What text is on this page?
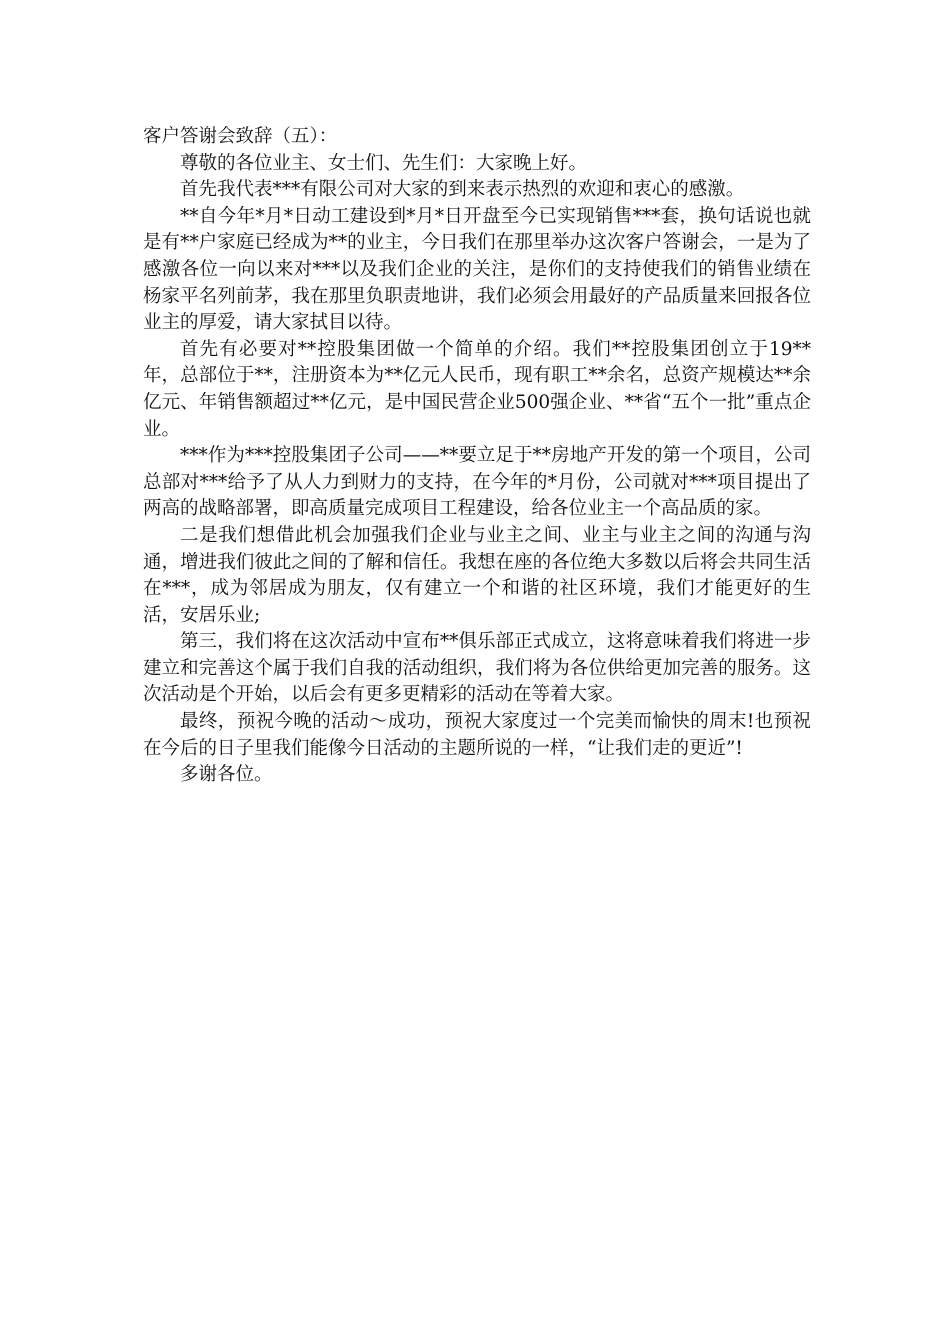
客户答谢会致辞（五）：

尊敬的各位业主、女士们、先生们：大家晚上好。

首先我代表***有限公司对大家的到来表示热烈的欢迎和衷心的感激。

**自今年*月*日动工建设到*月*日开盘至今已实现销售***套，换句话说也就是有**户家庭已经成为**的业主，今日我们在那里举办这次客户答谢会，一是为了感激各位一向以来对***以及我们企业的关注，是你们的支持使我们的销售业绩在杨家平名列前茅，我在那里负职责地讲，我们必须会用最好的产品质量来回报各位业主的厚爱，请大家拭目以待。

首先有必要对**控股集团做一个简单的介绍。我们**控股集团创立于19**年，总部位于**，注册资本为**亿元人民币，现有职工**余名，总资产规模达**余亿元、年销售额超过**亿元，是中国民营企业500强企业、**省“五个一批”重点企业。

***作为***控股集团子公司——**要立足于**房地产开发的第一个项目，公司总部对***给予了从人力到财力的支持，在今年的*月份，公司就对***项目提出了两高的战略部署，即高质量完成项目工程建设，给各位业主一个高品质的家。

二是我们想借此机会加强我们企业与业主之间、业主与业主之间的沟通与沟通，增进我们彼此之间的了解和信任。我想在座的各位绝大多数以后将会共同生活在***，成为邻居成为朋友，仅有建立一个和谐的社区环境，我们才能更好的生活，安居乐业;

第三，我们将在这次活动中宣布**俱乐部正式成立，这将意味着我们将进一步建立和完善这个属于我们自我的活动组织，我们将为各位供给更加完善的服务。这次活动是个开始，以后会有更多更精彩的活动在等着大家。

最终，预祝今晚的活动～成功，预祝大家度过一个完美而愉快的周末!也预祝在今后的日子里我们能像今日活动的主题所说的一样，“让我们走的更近”!

多谢各位。
